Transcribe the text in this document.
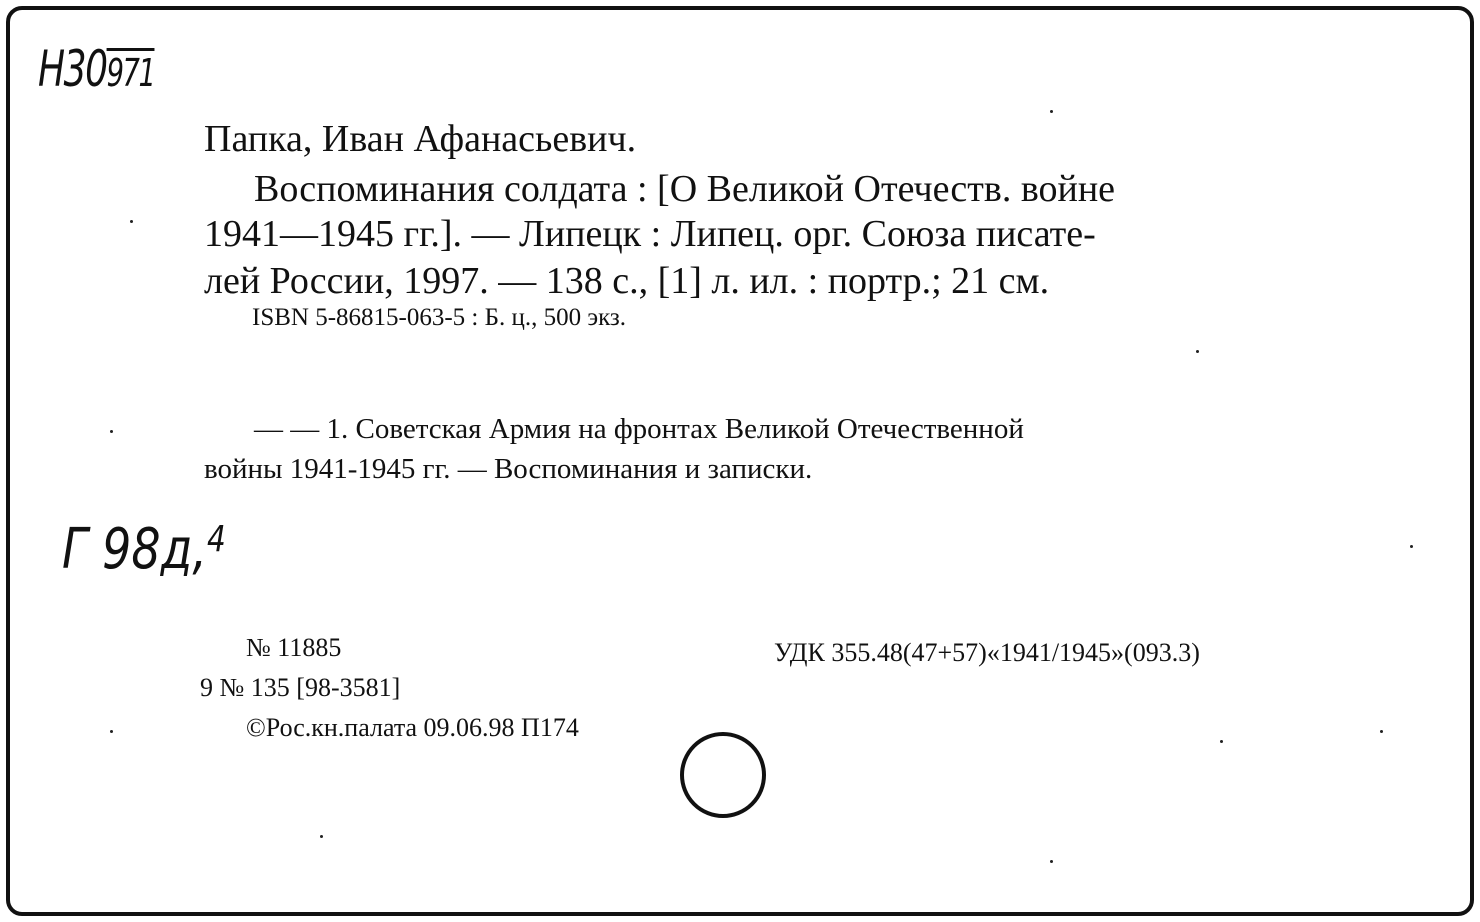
Н30971
Папка, Иван Афанасьевич.
Воспоминания солдата : [О Великой Отечеств. войне
1941—1945 гг.]. — Липецк : Липец. орг. Союза писате-
лей России, 1997. — 138 с., [1] л. ил. : портр.; 21 см.
ISBN 5-86815-063-5 : Б. ц., 500 экз.
— — 1. Советская Армия на фронтах Великой Отечественной
войны 1941-1945 гг. — Воспоминания и записки.
Г 98д,$^4$
№ 11885	УДК 355.48(47+57)«1941/1945»(093.3)
9 № 135 [98-3581]
©Рос.кн.палата 09.06.98 П174
